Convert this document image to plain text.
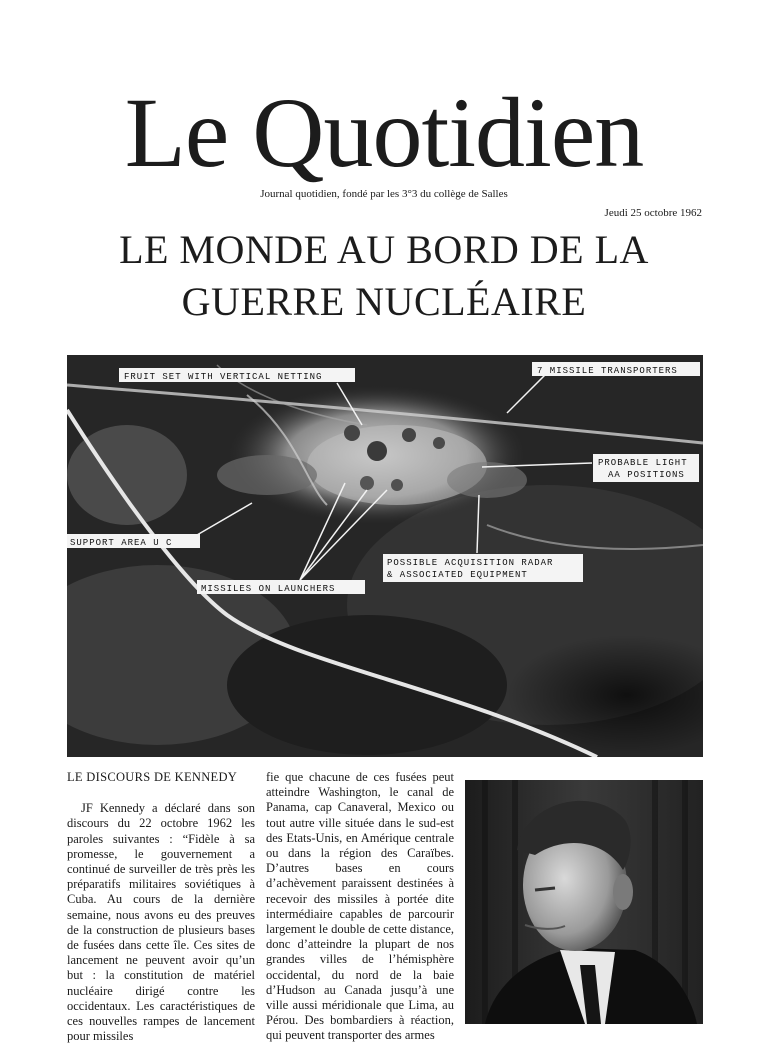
Le Quotidien
Journal quotidien, fondé par les 3°3 du collège de Salles
Jeudi 25 octobre 1962
LE MONDE AU BORD DE LA GUERRE NUCLÉAIRE
FRUIT SET WITH VERTICAL NETTING
7 MISSILE TRANSPORTERS
PROBABLE LIGHT
AA POSITIONS
SUPPORT AREA U C
POSSIBLE ACQUISITION RADAR
& ASSOCIATED EQUIPMENT
MISSILES ON LAUNCHERS
LE DISCOURS DE KENNEDY

JF Kennedy a déclaré dans son discours du 22 octobre 1962 les paroles suivantes : “Fidèle à sa promesse, le gouvernement a continué de surveiller de très près les préparatifs militaires soviétiques à Cuba. Au cours de la dernière semaine, nous avons eu des preuves de la construction de plusieurs bases de fusées dans cette île. Ces sites de lancement ne peuvent avoir qu’un but : la constitution de matériel nucléaire dirigé contre les occidentaux. Les caractéristiques de ces nouvelles rampes de lancement pour missiles

fie que chacune de ces fusées peut atteindre Washington, le canal de Panama, cap Canaveral, Mexico ou tout autre ville située dans le sud-est des Etats-Unis, en Amérique centrale ou dans la région des Caraïbes. D’autres bases en cours d’achèvement paraissent destinées à recevoir des missiles à portée dite intermédiaire capables de parcourir largement le double de cette distance, donc d’atteindre la plupart de nos grandes villes de l’hémisphère occidental, du nord de la baie d’Hudson au Canada jusqu’à une ville aussi méridionale que Lima, au Pérou. Des bombardiers à réaction, qui peuvent transporter des armes
